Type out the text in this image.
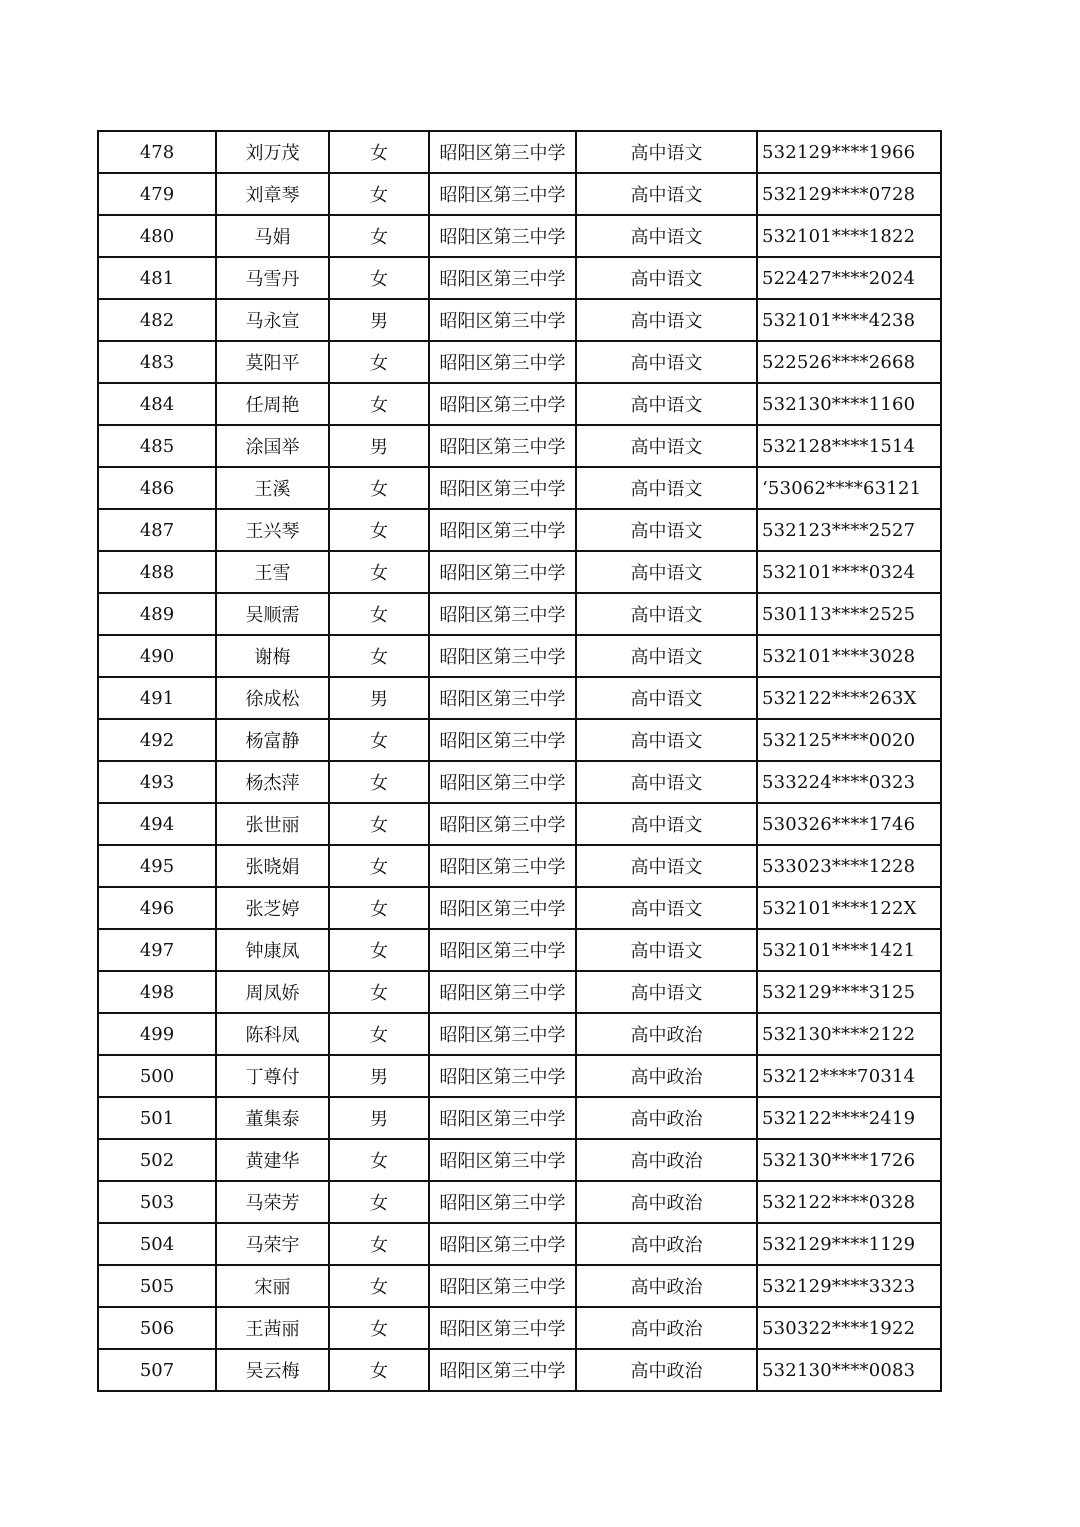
478	刘万茂	女	昭阳区第三中学	高中语文	532129****1966
479	刘章琴	女	昭阳区第三中学	高中语文	532129****0728
480	马娟	女	昭阳区第三中学	高中语文	532101****1822
481	马雪丹	女	昭阳区第三中学	高中语文	522427****2024
482	马永宣	男	昭阳区第三中学	高中语文	532101****4238
483	莫阳平	女	昭阳区第三中学	高中语文	522526****2668
484	任周艳	女	昭阳区第三中学	高中语文	532130****1160
485	涂国举	男	昭阳区第三中学	高中语文	532128****1514
486	王溪	女	昭阳区第三中学	高中语文	‘53062****63121
487	王兴琴	女	昭阳区第三中学	高中语文	532123****2527
488	王雪	女	昭阳区第三中学	高中语文	532101****0324
489	吴顺需	女	昭阳区第三中学	高中语文	530113****2525
490	谢梅	女	昭阳区第三中学	高中语文	532101****3028
491	徐成松	男	昭阳区第三中学	高中语文	532122****263X
492	杨富静	女	昭阳区第三中学	高中语文	532125****0020
493	杨杰萍	女	昭阳区第三中学	高中语文	533224****0323
494	张世丽	女	昭阳区第三中学	高中语文	530326****1746
495	张晓娟	女	昭阳区第三中学	高中语文	533023****1228
496	张芝婷	女	昭阳区第三中学	高中语文	532101****122X
497	钟康凤	女	昭阳区第三中学	高中语文	532101****1421
498	周凤娇	女	昭阳区第三中学	高中语文	532129****3125
499	陈科凤	女	昭阳区第三中学	高中政治	532130****2122
500	丁尊付	男	昭阳区第三中学	高中政治	53212****70314
501	董集泰	男	昭阳区第三中学	高中政治	532122****2419
502	黄建华	女	昭阳区第三中学	高中政治	532130****1726
503	马荣芳	女	昭阳区第三中学	高中政治	532122****0328
504	马荣宇	女	昭阳区第三中学	高中政治	532129****1129
505	宋丽	女	昭阳区第三中学	高中政治	532129****3323
506	王茜丽	女	昭阳区第三中学	高中政治	530322****1922
507	吴云梅	女	昭阳区第三中学	高中政治	532130****0083
